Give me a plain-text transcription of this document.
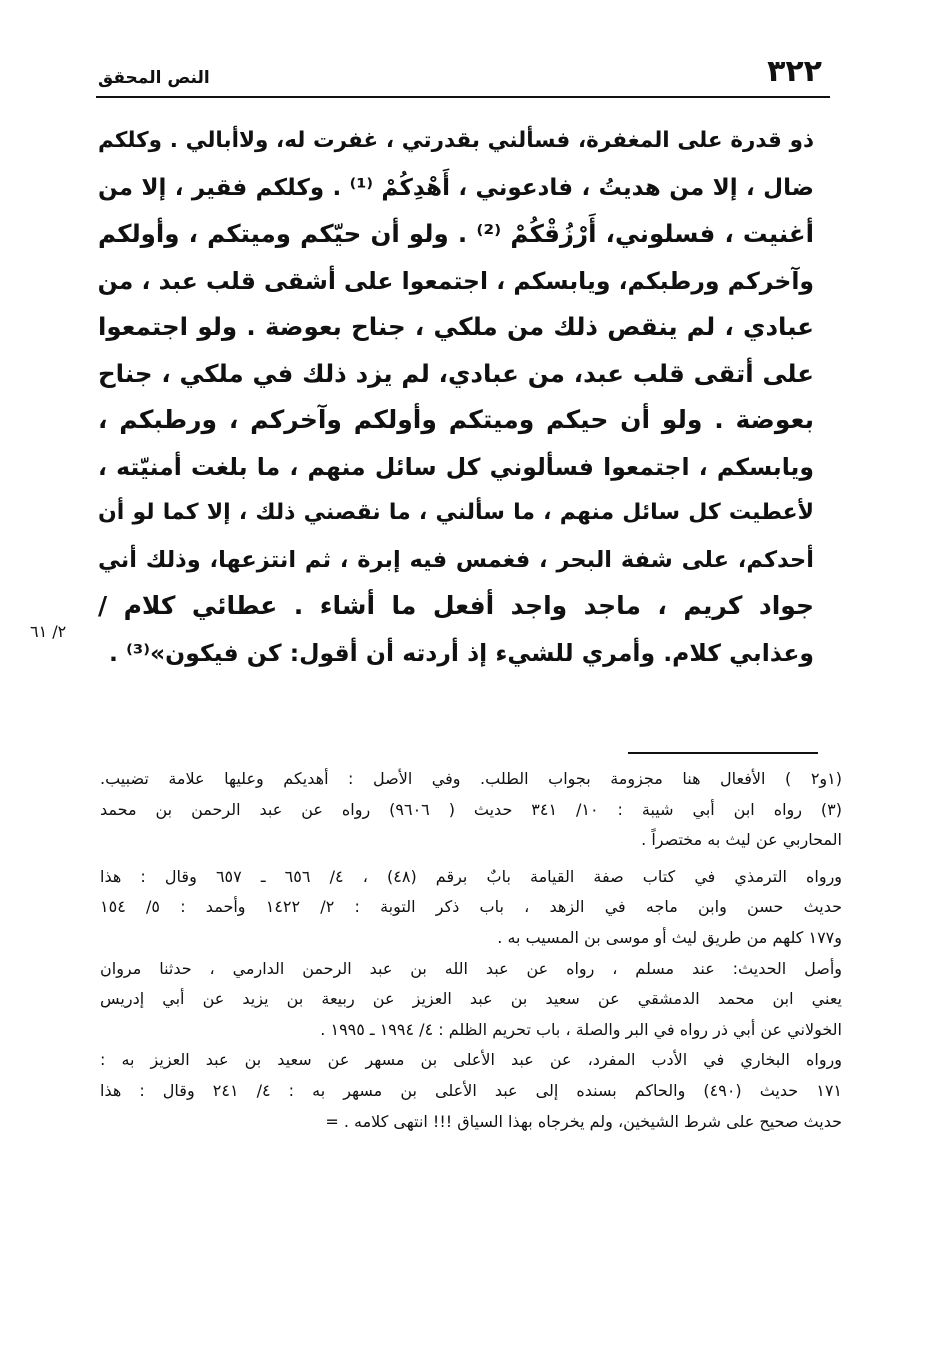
٣٢٢
النص المحقق
ذو قدرة على المغفرة، فسألني بقدرتي ، غفرت له، ولاأبالي . وكلكم
ضال ، إلا من هديتُ ، فادعوني ، أَهْدِكُمْ ⁽¹⁾ . وكلكم فقير ، إلا من
أغنيت ، فسلوني، أَرْزُقْكُمْ ⁽²⁾ . ولو أن حيّكم وميتكم ، وأولكم
وآخركم ورطبكم، ويابسكم ، اجتمعوا على أشقى قلب عبد ، من
عبادي ، لم ينقص ذلك من ملكي ، جناح بعوضة . ولو اجتمعوا
على أتقى قلب عبد، من عبادي، لم يزد ذلك في ملكي ، جناح
بعوضة . ولو أن حيكم وميتكم وأولكم وآخركم ، ورطبكم ،
ويابسكم ، اجتمعوا فسألوني كل سائل منهم ، ما بلغت أمنيّته ،
لأعطيت كل سائل منهم ، ما سألني ، ما نقصني ذلك ، إلا كما لو أن
أحدكم، على شفة البحر ، فغمس فيه إبرة ، ثم انتزعها، وذلك أني
جواد كريم ، ماجد واجد أفعل ما أشاء . عطائي كلام /
وعذابي كلام. وأمري للشيء إذ أردته أن أقول: كن فيكون»⁽³⁾ .
٢/ ٦١
(١و٢ ) الأفعال هنا مجزومة بجواب الطلب. وفي الأصل : أهديكم وعليها علامة تضبيب.
(٣) رواه ابن أبي شيبة : ١٠/ ٣٤١ حديث ( ٩٦٠٦) رواه عن عبد الرحمن بن محمد
المحاربي عن ليث به مختصراً .
ورواه الترمذي في كتاب صفة القيامة بابٌ برقم (٤٨) ، ٤/ ٦٥٦ ـ ٦٥٧ وقال : هذا
حديث حسن وابن ماجه في الزهد ، باب ذكر التوبة : ٢/ ١٤٢٢ وأحمد : ٥/ ١٥٤
و١٧٧ كلهم من طريق ليث أو موسى بن المسيب به .
وأصل الحديث: عند مسلم ، رواه عن عبد الله بن عبد الرحمن الدارمي ، حدثنا مروان
يعني ابن محمد الدمشقي عن سعيد بن عبد العزيز عن ربيعة بن يزيد عن أبي إدريس
الخولاني عن أبي ذر رواه في البر والصلة ، باب تحريم الظلم : ٤/ ١٩٩٤ ـ ١٩٩٥ .
ورواه البخاري في الأدب المفرد، عن عبد الأعلى بن مسهر عن سعيد بن عبد العزيز به :
١٧١ حديث (٤٩٠) والحاكم بسنده إلى عبد الأعلى بن مسهر به : ٤/ ٢٤١ وقال : هذا
حديث صحيح على شرط الشيخين، ولم يخرجاه بهذا السياق !!! انتهى كلامه . =
